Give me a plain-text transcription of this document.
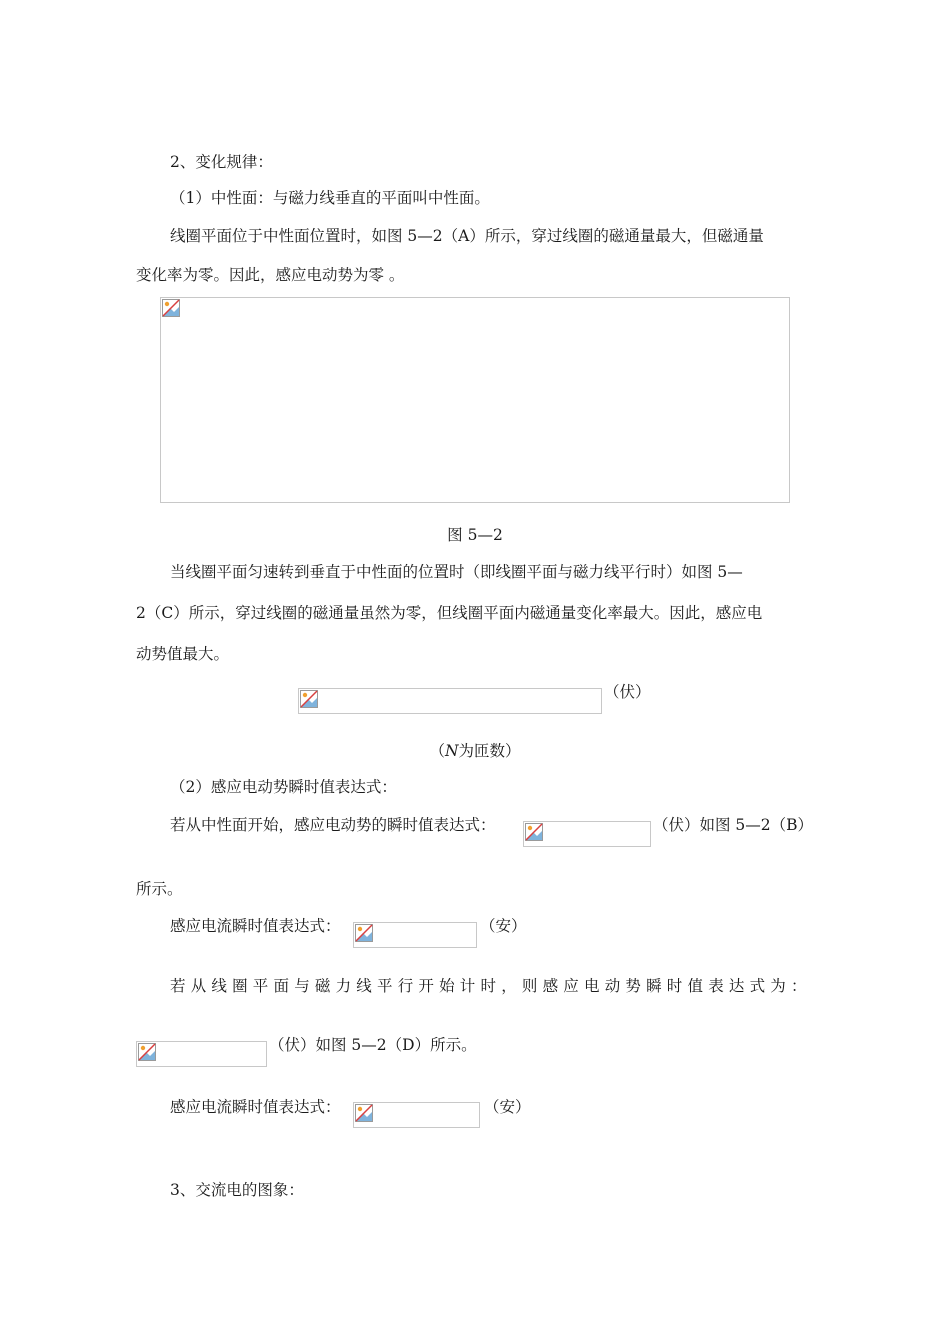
2、变化规律：
（1）中性面：与磁力线垂直的平面叫中性面。
线圈平面位于中性面位置时，如图 5—2（A）所示，穿过线圈的磁通量最大，但磁通量
变化率为零。因此，感应电动势为零 。
图 5—2
当线圈平面匀速转到垂直于中性面的位置时（即线圈平面与磁力线平行时）如图 5—
2（C）所示，穿过线圈的磁通量虽然为零，但线圈平面内磁通量变化率最大。因此，感应电
动势值最大。
（伏）
（N为匝数）
（2）感应电动势瞬时值表达式：
若从中性面开始，感应电动势的瞬时值表达式：	（伏）如图 5—2（B）
所示。
感应电流瞬时值表达式：	（安）
若从线圈平面与磁力线平行开始计时，则感应电动势瞬时值表达式为：
（伏）如图 5—2（D）所示。
感应电流瞬时值表达式：	（安）
3、交流电的图象：
